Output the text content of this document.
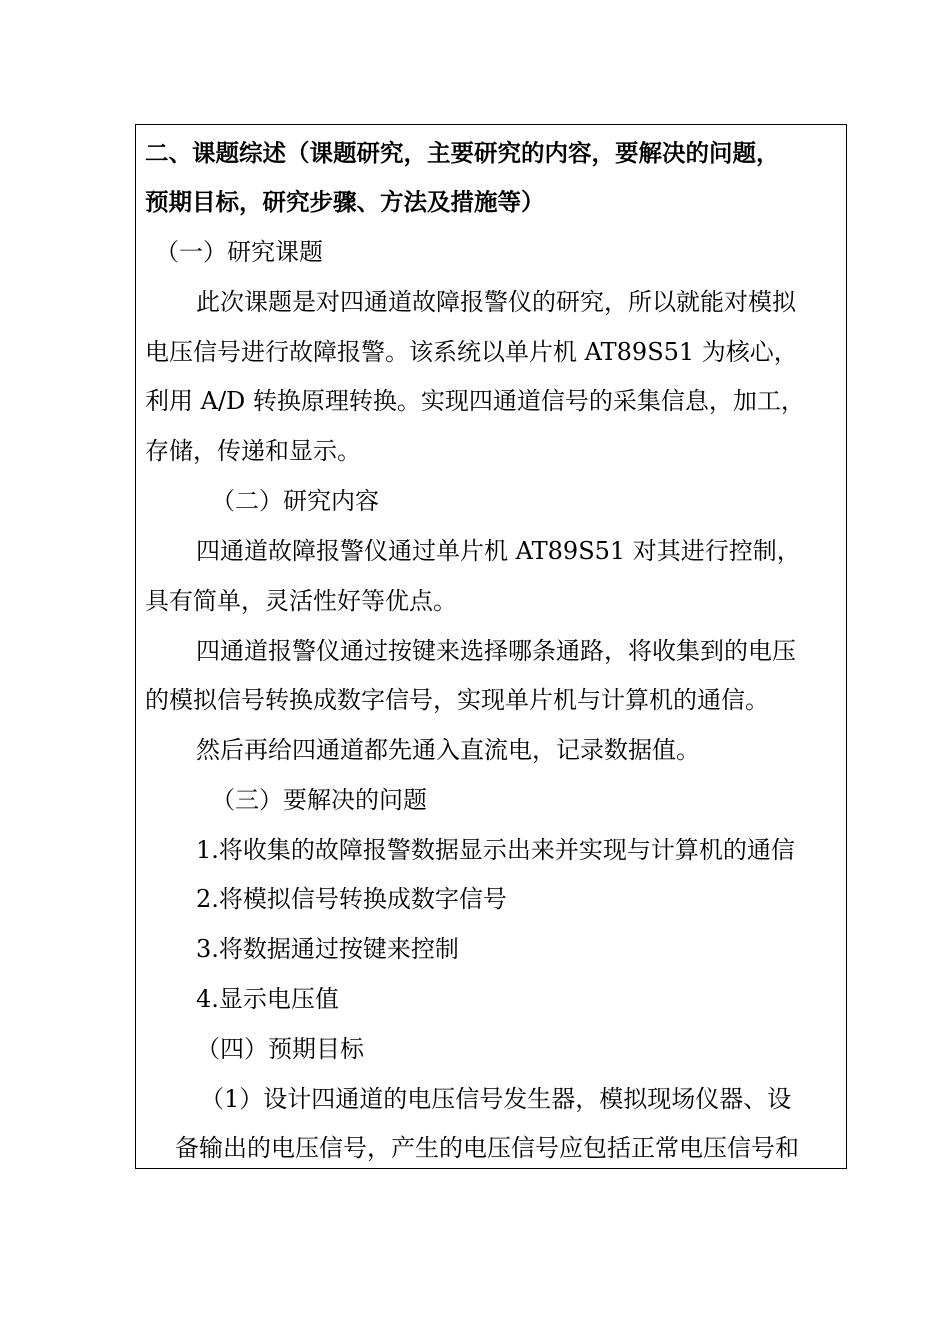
二、课题综述（课题研究，主要研究的内容，要解决的问题，
预期目标，研究步骤、方法及措施等）
（一）研究课题
此次课题是对四通道故障报警仪的研究，所以就能对模拟
电压信号进行故障报警。该系统以单片机 AT89S51 为核心，
利用 A/D 转换原理转换。实现四通道信号的采集信息，加工，
存储，传递和显示。
（二）研究内容
四通道故障报警仪通过单片机 AT89S51 对其进行控制，
具有简单，灵活性好等优点。
四通道报警仪通过按键来选择哪条通路，将收集到的电压
的模拟信号转换成数字信号，实现单片机与计算机的通信。
然后再给四通道都先通入直流电，记录数据值。
（三）要解决的问题
1.将收集的故障报警数据显示出来并实现与计算机的通信
2.将模拟信号转换成数字信号
3.将数据通过按键来控制
4.显示电压值
（四）预期目标
（1）设计四通道的电压信号发生器，模拟现场仪器、设
备输出的电压信号，产生的电压信号应包括正常电压信号和
